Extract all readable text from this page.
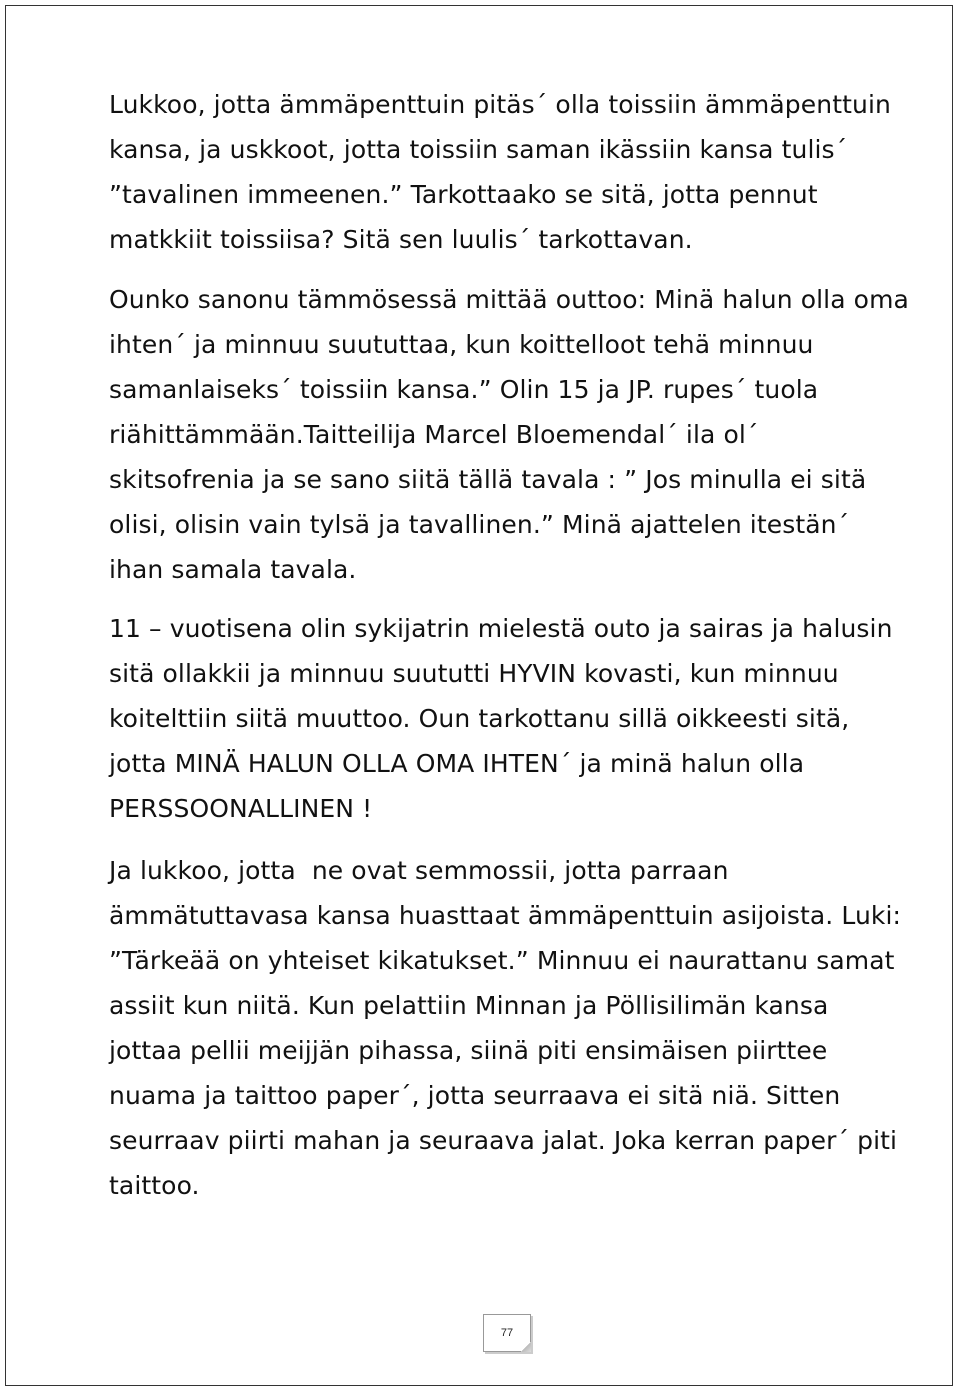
Lukkoo, jotta ämmäpenttuin pitäs´ olla toissiin ämmäpenttuin kansa, ja uskkoot, jotta toissiin saman ikässiin kansa tulis´ ”tavalinen immeenen.” Tarkottaako se sitä, jotta pennut matkkiit toissiisa? Sitä sen luulis´ tarkottavan.

Ounko sanonu tämmösessä mittää outtoo: Minä halun olla oma ihten´ ja minnuu suututtaa, kun koittelloot tehä minnuu samanlaiseks´ toissiin kansa.” Olin 15 ja JP. rupes´ tuola riähittämmään.Taitteilija Marcel Bloemendal´ ila ol´ skitsofrenia ja se sano siitä tällä tavala : ” Jos minulla ei sitä olisi, olisin vain tylsä ja tavallinen.” Minä ajattelen itestän´ ihan samala tavala.

11 – vuotisena olin sykijatrin mielestä outo ja sairas ja halusin sitä ollakkii ja minnuu suututti HYVIN kovasti, kun minnuu koitelttiin siitä muuttoo. Oun tarkottanu sillä oikkeesti sitä, jotta MINÄ HALUN OLLA OMA IHTEN´ ja minä halun olla PERSSOONALLINEN !

Ja lukkoo, jotta  ne ovat semmossii, jotta parraan ämmätuttavasa kansa huasttaat ämmäpenttuin asijoista. Luki: ”Tärkeää on yhteiset kikatukset.” Minnuu ei naurattanu samat assiit kun niitä. Kun pelattiin Minnan ja Pöllisilimän kansa jottaa pellii meijjän pihassa, siinä piti ensimäisen piirttee nuama ja taittoo paper´, jotta seurraava ei sitä niä. Sitten seurraav piirti mahan ja seuraava jalat. Joka kerran paper´ piti taittoo.

77
